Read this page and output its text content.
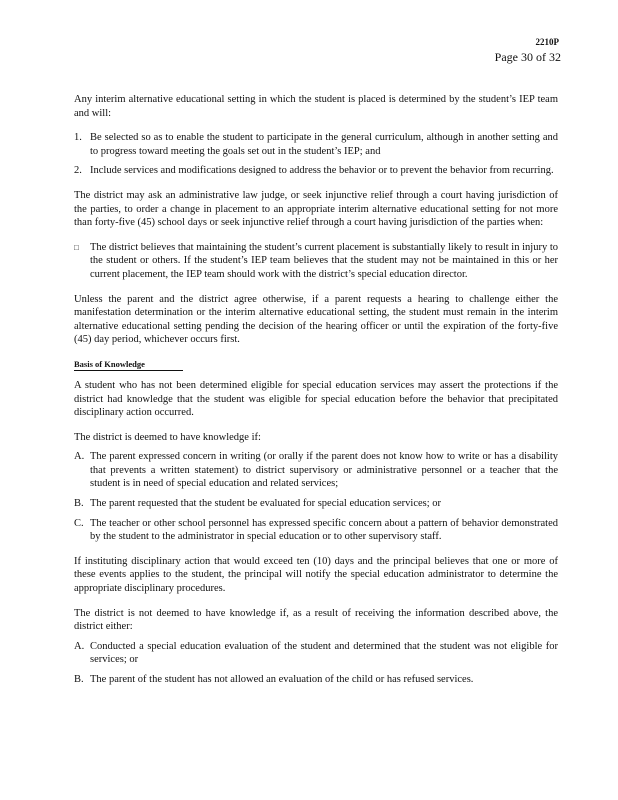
2210P
Page 30 of 32

Any interim alternative educational setting in which the student is placed is determined by the student’s IEP team and will:

1. Be selected so as to enable the student to participate in the general curriculum, although in another setting and to progress toward meeting the goals set out in the student’s IEP; and
2. Include services and modifications designed to address the behavior or to prevent the behavior from recurring.

The district may ask an administrative law judge, or seek injunctive relief through a court having jurisdiction of the parties, to order a change in placement to an appropriate interim alternative educational setting for not more than forty-five (45) school days or seek injunctive relief through a court having jurisdiction of the parties when:

□ The district believes that maintaining the student’s current placement is substantially likely to result in injury to the student or others. If the student’s IEP team believes that the student may not be maintained in this or her current placement, the IEP team should work with the district’s special education director.

Unless the parent and the district agree otherwise, if a parent requests a hearing to challenge either the manifestation determination or the interim alternative educational setting, the student must remain in the interim alternative educational setting pending the decision of the hearing officer or until the expiration of the forty-five (45) day period, whichever occurs first.

Basis of Knowledge

A student who has not been determined eligible for special education services may assert the protections if the district had knowledge that the student was eligible for special education before the behavior that precipitated disciplinary action occurred.

The district is deemed to have knowledge if:

A. The parent expressed concern in writing (or orally if the parent does not know how to write or has a disability that prevents a written statement) to district supervisory or administrative personnel or a teacher that the student is in need of special education and related services;
B. The parent requested that the student be evaluated for special education services; or
C. The teacher or other school personnel has expressed specific concern about a pattern of behavior demonstrated by the student to the administrator in special education or to other supervisory staff.

If instituting disciplinary action that would exceed ten (10) days and the principal believes that one or more of these events applies to the student, the principal will notify the special education administrator to determine the appropriate disciplinary procedures.

The district is not deemed to have knowledge if, as a result of receiving the information described above, the district either:

A. Conducted a special education evaluation of the student and determined that the student was not eligible for services; or
B. The parent of the student has not allowed an evaluation of the child or has refused services.
